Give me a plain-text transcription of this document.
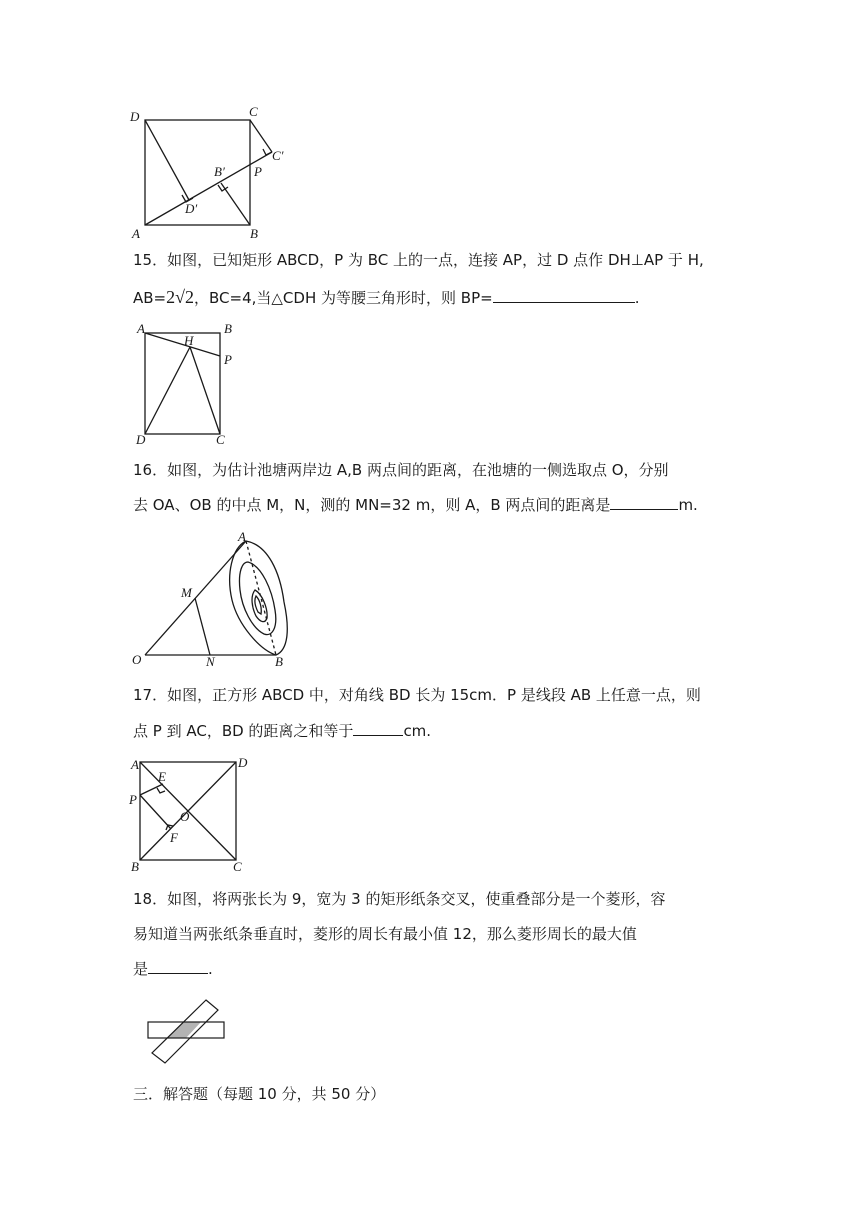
D	C
C′
B′ P
D′
A	B
15．如图，已知矩形 ABCD，P 为 BC 上的一点，连接 AP，过 D 点作 DH⊥AP 于 H,
AB=2√2，BC=4,当△CDH 为等腰三角形时，则 BP=	.
A	B
H
P
D	C
16．如图，为估计池塘两岸边 A,B 两点间的距离，在池塘的一侧选取点 O，分别
去 OA、OB 的中点 M，N，测的 MN=32 m，则 A，B 两点间的距离是	m.
A
M
O	N	B
17．如图，正方形 ABCD 中，对角线 BD 长为 15cm．P 是线段 AB 上任意一点，则
点 P 到 AC，BD 的距离之和等于	cm.
A	D
E
P
O
F
B	C
18．如图，将两张长为 9，宽为 3 的矩形纸条交叉，使重叠部分是一个菱形，容
易知道当两张纸条垂直时，菱形的周长有最小值 12，那么菱形周长的最大值
是	.
三．解答题（每题 10 分，共 50 分）
